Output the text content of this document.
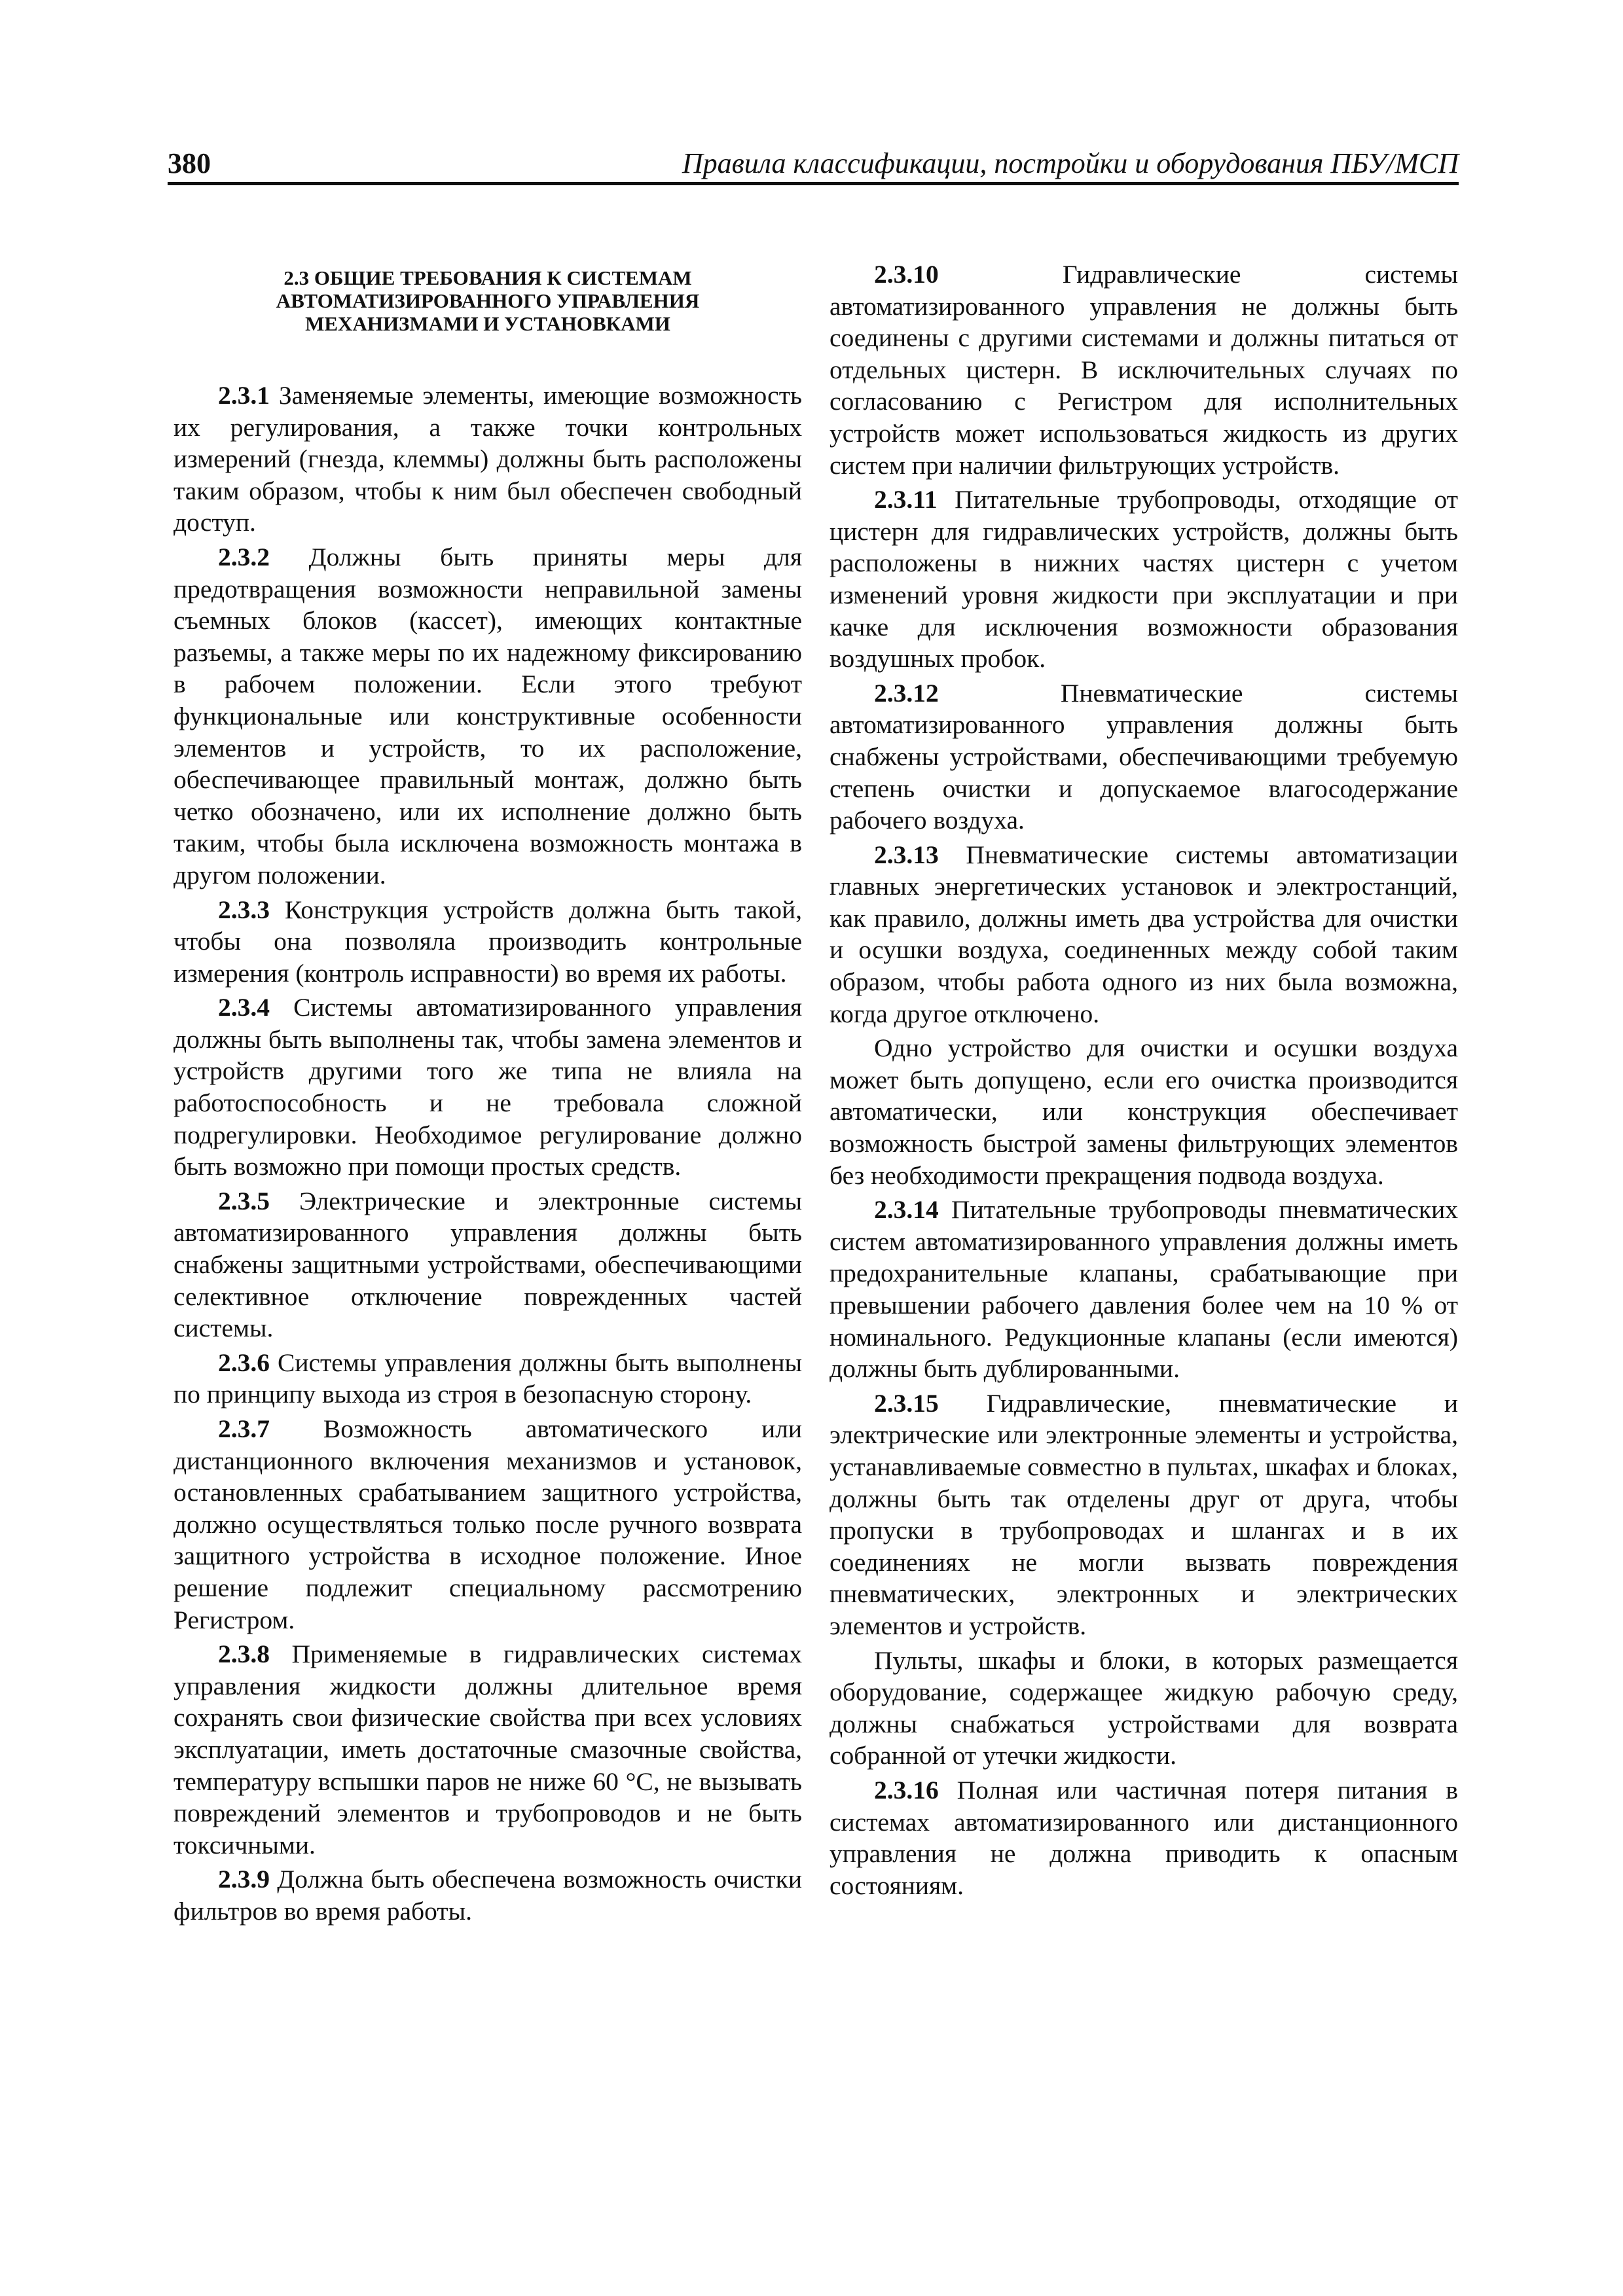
380	Правила классификации, постройки и оборудования ПБУ/МСП
2.3 ОБЩИЕ ТРЕБОВАНИЯ К СИСТЕМАМ
АВТОМАТИЗИРОВАННОГО УПРАВЛЕНИЯ
МЕХАНИЗМАМИ И УСТАНОВКАМИ

2.3.1 Заменяемые элементы, имеющие возможность их регулирования, а также точки контрольных измерений (гнезда, клеммы) должны быть расположены таким образом, чтобы к ним был обеспечен свободный доступ.

2.3.2 Должны быть приняты меры для предотвращения возможности неправильной замены съемных блоков (кассет), имеющих контактные разъемы, а также меры по их надежному фиксированию в рабочем положении. Если этого требуют функциональные или конструктивные особенности элементов и устройств, то их расположение, обеспечивающее правильный монтаж, должно быть четко обозначено, или их исполнение должно быть таким, чтобы была исключена возможность монтажа в другом положении.

2.3.3 Конструкция устройств должна быть такой, чтобы она позволяла производить контрольные измерения (контроль исправности) во время их работы.

2.3.4 Системы автоматизированного управления должны быть выполнены так, чтобы замена элементов и устройств другими того же типа не влияла на работоспособность и не требовала сложной подрегулировки. Необходимое регулирование должно быть возможно при помощи простых средств.

2.3.5 Электрические и электронные системы автоматизированного управления должны быть снабжены защитными устройствами, обеспечивающими селективное отключение поврежденных частей системы.

2.3.6 Системы управления должны быть выполнены по принципу выхода из строя в безопасную сторону.

2.3.7 Возможность автоматического или дистанционного включения механизмов и установок, остановленных срабатыванием защитного устройства, должно осуществляться только после ручного возврата защитного устройства в исходное положение. Иное решение подлежит специальному рассмотрению Регистром.

2.3.8 Применяемые в гидравлических системах управления жидкости должны длительное время сохранять свои физические свойства при всех условиях эксплуатации, иметь достаточные смазочные свойства, температуру вспышки паров не ниже 60 °С, не вызывать повреждений элементов и трубопроводов и не быть токсичными.

2.3.9 Должна быть обеспечена возможность очистки фильтров во время работы.

2.3.10	Гидравлические системы автоматизированного управления не должны быть соединены с другими системами и должны питаться от отдельных цистерн. В исключительных случаях по согласованию с Регистром для исполнительных устройств может использоваться жидкость из других систем при наличии фильтрующих устройств.

2.3.11 Питательные трубопроводы, отходящие от цистерн для гидравлических устройств, должны быть расположены в нижних частях цистерн с учетом изменений уровня жидкости при эксплуатации и при качке для исключения возможности образования воздушных пробок.

2.3.12	Пневматические системы автоматизированного управления должны быть снабжены устройствами, обеспечивающими требуемую степень очистки и допускаемое влагосодержание рабочего воздуха.

2.3.13 Пневматические системы автоматизации главных энергетических установок и электростанций, как правило, должны иметь два устройства для очистки и осушки воздуха, соединенных между собой таким образом, чтобы работа одного из них была возможна, когда другое отключено.

Одно устройство для очистки и осушки воздуха может быть допущено, если его очистка производится автоматически, или конструкция обеспечивает возможность быстрой замены фильтрующих элементов без необходимости прекращения подвода воздуха.

2.3.14 Питательные трубопроводы пневматических систем автоматизированного управления должны иметь предохранительные клапаны, срабатывающие при превышении рабочего давления более чем на 10 % от номинального. Редукционные клапаны (если имеются) должны быть дублированными.

2.3.15 Гидравлические, пневматические и электрические или электронные элементы и устройства, устанавливаемые совместно в пультах, шкафах и блоках, должны быть так отделены друг от друга, чтобы пропуски в трубопроводах и шлангах и в их соединениях не могли вызвать повреждения пневматических, электронных и электрических элементов и устройств.

Пульты, шкафы и блоки, в которых размещается оборудование, содержащее жидкую рабочую среду, должны снабжаться устройствами для возврата собранной от утечки жидкости.

2.3.16 Полная или частичная потеря питания в системах автоматизированного или дистанционного управления не должна приводить к опасным состояниям.
